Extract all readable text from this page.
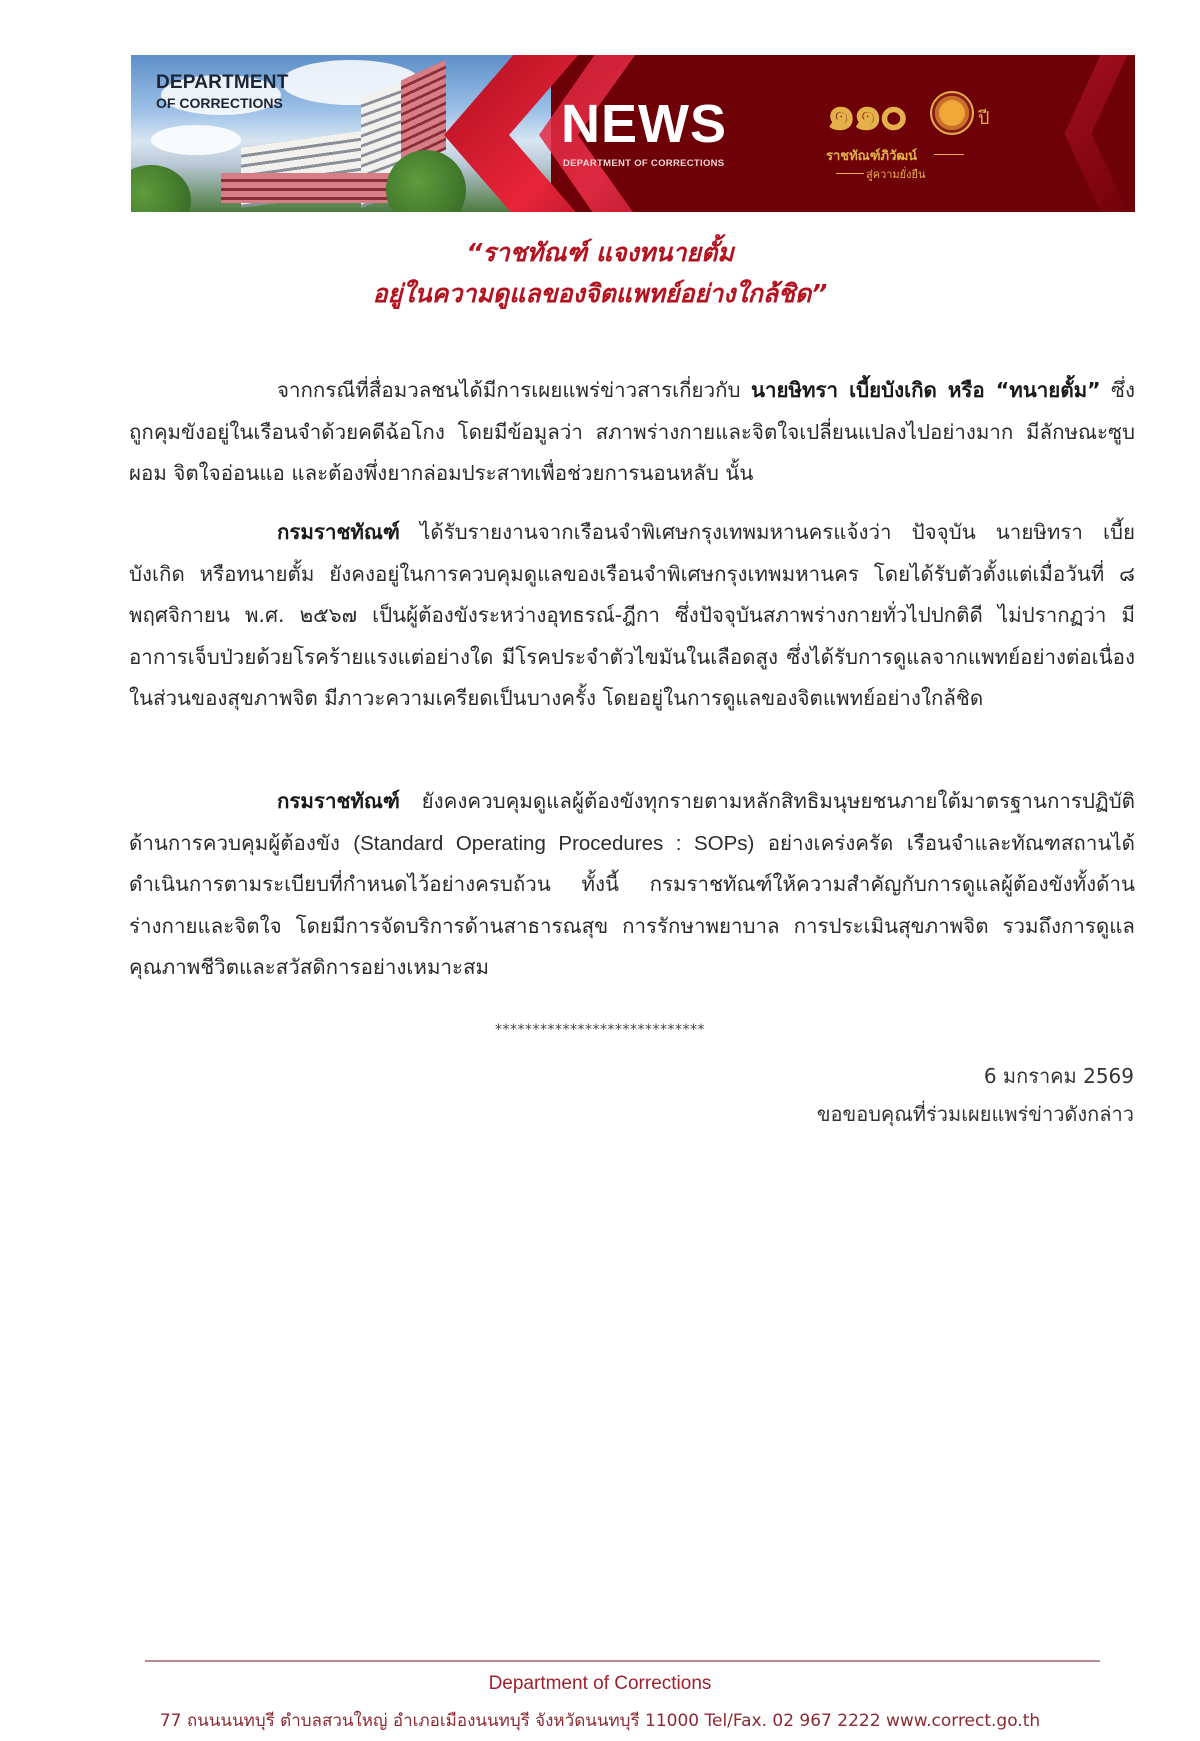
DEPARTMENT
OF CORRECTIONS	NEWS
DEPARTMENT OF CORRECTIONS
๑๑๐	ปี
ราชทัณฑ์ภิวัฒน์
สู่ความยั่งยืน
“ราชทัณฑ์ แจงทนายตั้ม
อยู่ในความดูแลของจิตแพทย์อย่างใกล้ชิด”

จากกรณีที่สื่อมวลชนได้มีการเผยแพร่ข่าวสารเกี่ยวกับ นายษิทรา เบี้ยบังเกิด หรือ “ทนายตั้ม” ซึ่งถูกคุมขังอยู่ในเรือนจำด้วยคดีฉ้อโกง โดยมีข้อมูลว่า สภาพร่างกายและจิตใจเปลี่ยนแปลงไปอย่างมาก มีลักษณะซูบผอม จิตใจอ่อนแอ และต้องพึ่งยากล่อมประสาทเพื่อช่วยการนอนหลับ นั้น

กรมราชทัณฑ์ ได้รับรายงานจากเรือนจำพิเศษกรุงเทพมหานครแจ้งว่า ปัจจุบัน นายษิทรา เบี้ยบังเกิด หรือทนายตั้ม ยังคงอยู่ในการควบคุมดูแลของเรือนจำพิเศษกรุงเทพมหานคร โดยได้รับตัวตั้งแต่เมื่อวันที่ ๘ พฤศจิกายน พ.ศ. ๒๕๖๗ เป็นผู้ต้องขังระหว่างอุทธรณ์-ฎีกา ซึ่งปัจจุบันสภาพร่างกายทั่วไปปกติดี ไม่ปรากฏว่า มีอาการเจ็บป่วยด้วยโรคร้ายแรงแต่อย่างใด มีโรคประจำตัวไขมันในเลือดสูง ซึ่งได้รับการดูแลจากแพทย์อย่างต่อเนื่อง ในส่วนของสุขภาพจิต มีภาวะความเครียดเป็นบางครั้ง โดยอยู่ในการดูแลของจิตแพทย์อย่างใกล้ชิด

กรมราชทัณฑ์ ยังคงควบคุมดูแลผู้ต้องขังทุกรายตามหลักสิทธิมนุษยชนภายใต้มาตรฐานการปฏิบัติด้านการควบคุมผู้ต้องขัง (Standard Operating Procedures : SOPs) อย่างเคร่งครัด เรือนจำและทัณฑสถานได้ดำเนินการตามระเบียบที่กำหนดไว้อย่างครบถ้วน ทั้งนี้ กรมราชทัณฑ์ให้ความสำคัญกับการดูแลผู้ต้องขังทั้งด้านร่างกายและจิตใจ โดยมีการจัดบริการด้านสาธารณสุข การรักษาพยาบาล การประเมินสุขภาพจิต รวมถึงการดูแลคุณภาพชีวิตและสวัสดิการอย่างเหมาะสม

****************************
6 มกราคม 2569
ขอขอบคุณที่ร่วมเผยแพร่ข่าวดังกล่าว
Department of Corrections
77 ถนนนนทบุรี ตำบลสวนใหญ่ อำเภอเมืองนนทบุรี จังหวัดนนทบุรี 11000 Tel/Fax. 02 967 2222 www.correct.go.th
